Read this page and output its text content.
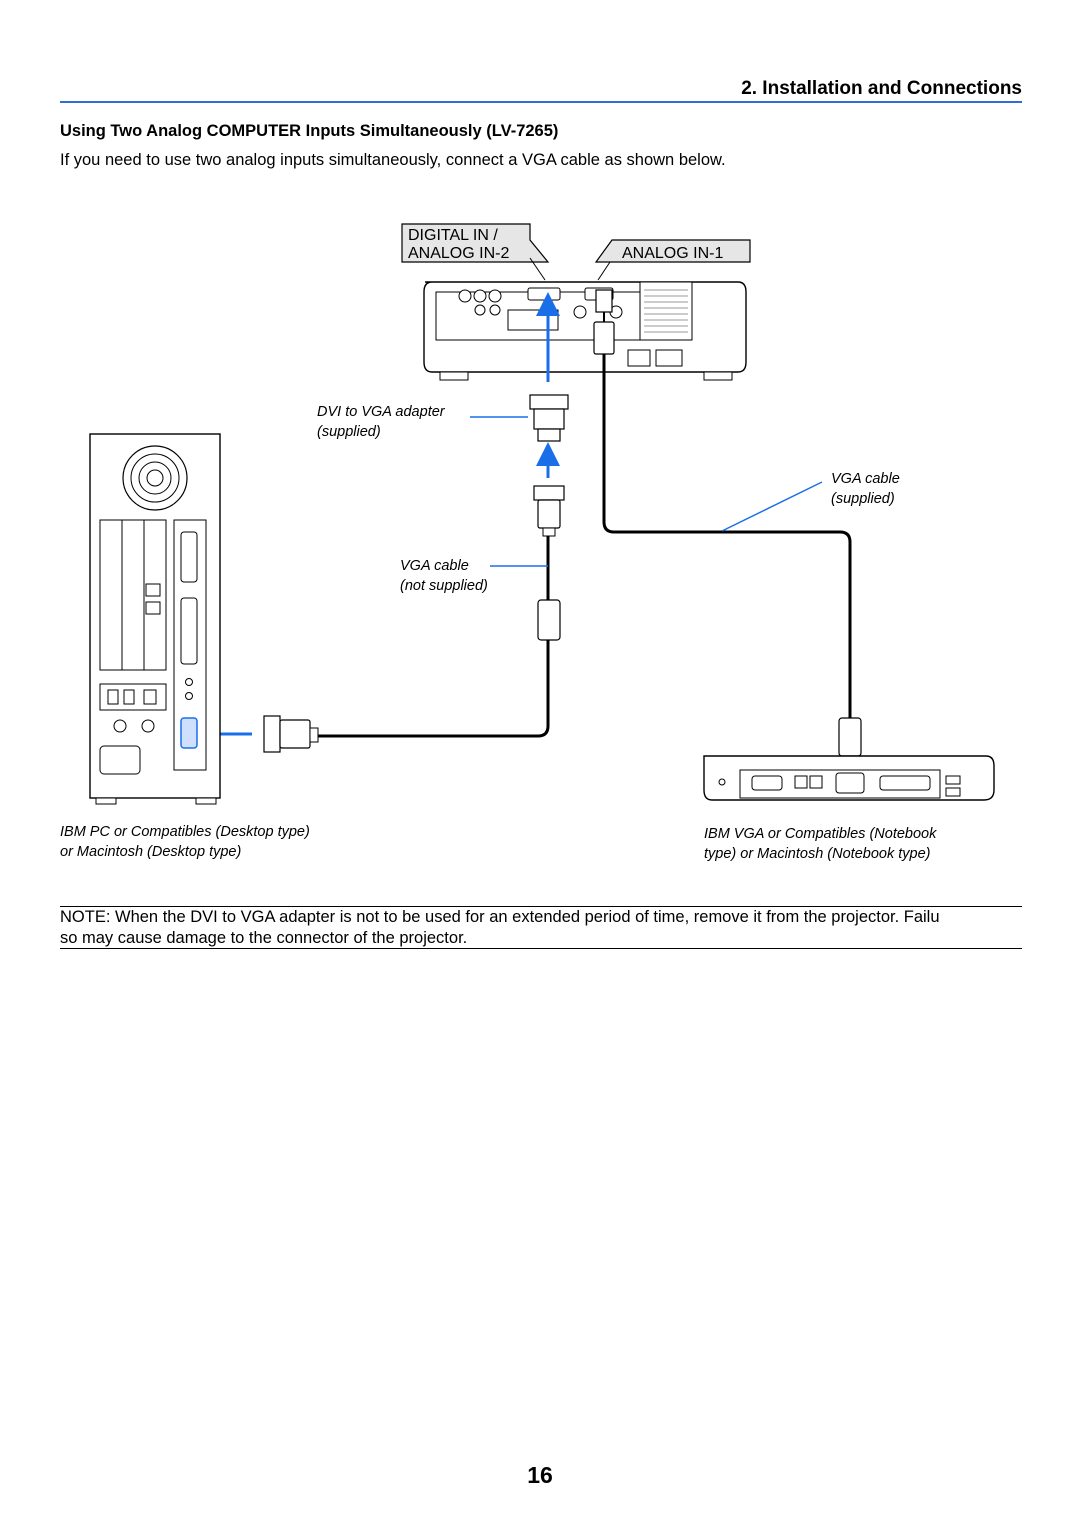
2. Installation and Connections
Using Two Analog COMPUTER Inputs Simultaneously (LV-7265)
If you need to use two analog inputs simultaneously, connect a VGA cable as shown below.
DIGITAL IN /
ANALOG IN-2	ANALOG IN-1
DVI to VGA adapter
(supplied)
VGA cable
(not supplied)
VGA cable
(supplied)
IBM PC or Compatibles (Desktop type)
or Macintosh (Desktop type)
IBM VGA or Compatibles (Notebook
type) or Macintosh (Notebook type)
NOTE: When the DVI to VGA adapter is not to be used for an extended period of time, remove it from the projector. Failu
so may cause damage to the connector of the projector.
16
